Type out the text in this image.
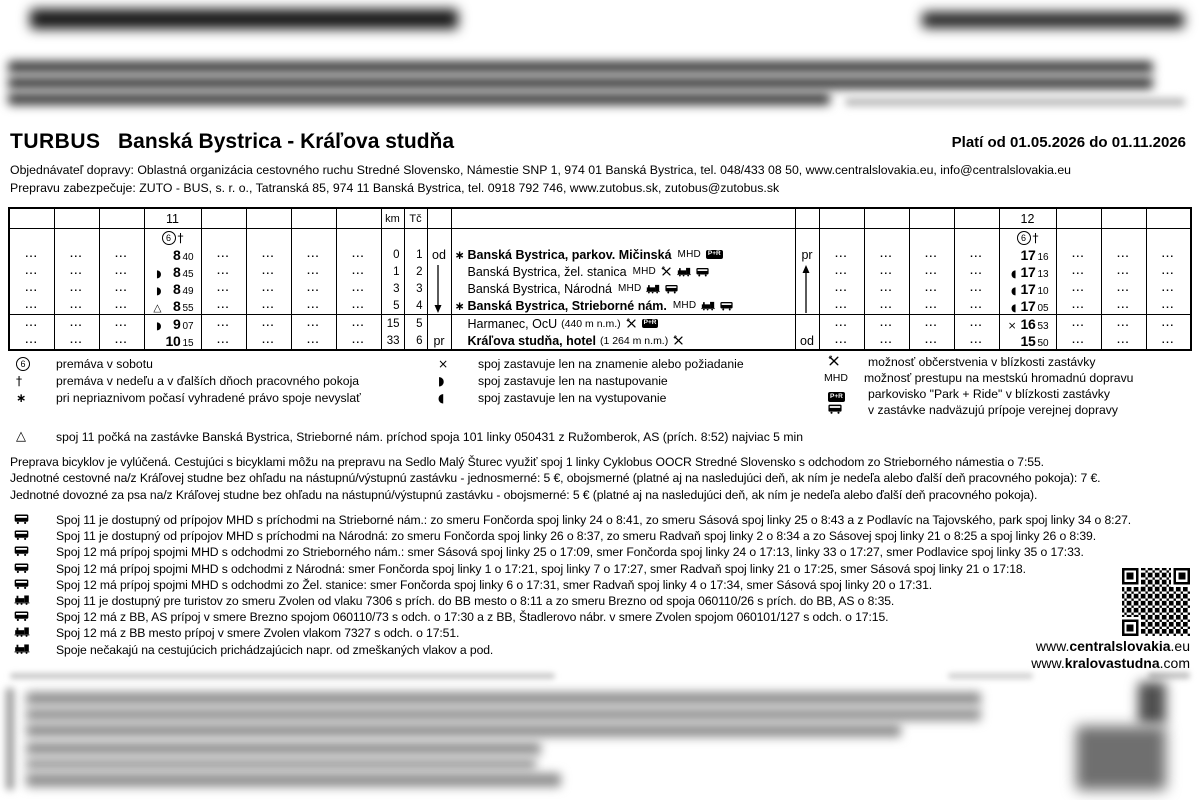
TURBUS Banská Bystrica - Kráľova studňa	Platí od 01.05.2026 do 01.11.2026
Objednávateľ dopravy: Oblastná organizácia cestovného ruchu Stredné Slovensko, Námestie SNP 1, 974 01 Banská Bystrica, tel. 048/433 08 50, www.centralslovakia.eu, info@centralslovakia.eu
Prepravu zabezpečuje: ZUTO - BUS, s. r. o., Tatranská 85, 974 11 Banská Bystrica, tel. 0918 792 746, www.zutobus.sk, zutobus@zutobus.sk
			11					km	Tč								12			

			6 †														6 †			

...	...	...	8 40	...	...	...	...	0	1	od	∗ Banská Bystrica, parkov. Mičinská MHD P+R	pr	...	...	...	...	17 16	...	...	...
...	...	...	◗ 8 45	...	...	...	...	1	2		Banská Bystrica, žel. stanica MHD		...	...	...	...	◖ 17 13	...	...	...
...	...	...	◗ 8 49	...	...	...	...	3	3		Banská Bystrica, Národná MHD		...	...	...	...	◖ 17 10	...	...	...
...	...	...	△ 8 55	...	...	...	...	5	4		∗ Banská Bystrica, Strieborné nám. MHD		...	...	...	...	◖ 17 05	...	...	...
...	...	...	◗ 9 07	...	...	...	...	15	5		Harmanec, OcU (440 m n.m.) P+R		...	...	...	...	× 16 53	...	...	...
...	...	...	10 15	...	...	...	...	33	6	pr	Kráľova studňa, hotel (1 264 m n.m.)	od	...	...	...	...	15 50	...	...	...
6	premáva v sobotu
†	premáva v nedeľu a v ďalších dňoch pracovného pokoja
∗	pri nepriaznivom počasí vyhradené právo spoje nevyslať
×	spoj zastavuje len na znamenie alebo požiadanie
◗	spoj zastavuje len na nastupovanie
◖	spoj zastavuje len na vystupovanie
možnosť občerstvenia v blízkosti zastávky
MHD	možnosť prestupu na mestskú hromadnú dopravu
P+R	parkovisko "Park + Ride" v blízkosti zastávky
v zastávke nadväzujú prípoje verejnej dopravy
△	spoj 11 počká na zastávke Banská Bystrica, Strieborné nám. príchod spoja 101 linky 050431 z Ružomberok, AS (prích. 8:52) najviac 5 min
Preprava bicyklov je vylúčená. Cestujúci s bicyklami môžu na prepravu na Sedlo Malý Šturec využiť spoj 1 linky Cyklobus OOCR Stredné Slovensko s odchodom zo Strieborného námestia o 7:55.
Jednotné cestovné na/z Kráľovej studne bez ohľadu na nástupnú/výstupnú zastávku - jednosmerné: 5 €, obojsmerné (platné aj na nasledujúci deň, ak ním je nedeľa alebo ďalší deň pracovného pokoja): 7 €.
Jednotné dovozné za psa na/z Kráľovej studne bez ohľadu na nástupnú/výstupnú zastávku - obojsmerné: 5 € (platné aj na nasledujúci deň, ak ním je nedeľa alebo ďalší deň pracovného pokoja).
Spoj 11 je dostupný od prípojov MHD s príchodmi na Strieborné nám.: zo smeru Fončorda spoj linky 24 o 8:41, zo smeru Sásová spoj linky 25 o 8:43 a z Podlavíc na Tajovského, park spoj linky 34 o 8:27.
Spoj 11 je dostupný od prípojov MHD s príchodmi na Národná: zo smeru Fončorda spoj linky 26 o 8:37, zo smeru Radvaň spoj linky 2 o 8:34 a zo Sásovej spoj linky 21 o 8:25 a spoj linky 26 o 8:39.
Spoj 12 má prípoj spojmi MHD s odchodmi zo Strieborného nám.: smer Sásová spoj linky 25 o 17:09, smer Fončorda spoj linky 24 o 17:13, linky 33 o 17:27, smer Podlavice spoj linky 35 o 17:33.
Spoj 12 má prípoj spojmi MHD s odchodmi z Národná: smer Fončorda spoj linky 1 o 17:21, spoj linky 7 o 17:27, smer Radvaň spoj linky 21 o 17:25, smer Sásová spoj linky 21 o 17:18.
Spoj 12 má prípoj spojmi MHD s odchodmi zo Žel. stanice: smer Fončorda spoj linky 6 o 17:31, smer Radvaň spoj linky 4 o 17:34, smer Sásová spoj linky 20 o 17:31.
Spoj 11 je dostupný pre turistov zo smeru Zvolen od vlaku 7306 s prích. do BB mesto o 8:11 a zo smeru Brezno od spoja 060110/26 s prích. do BB, AS o 8:35.
Spoj 12 má z BB, AS prípoj v smere Brezno spojom 060110/73 s odch. o 17:30 a z BB, Štadlerovo nábr. v smere Zvolen spojom 060101/127 s odch. o 17:15.
Spoj 12 má z BB mesto prípoj v smere Zvolen vlakom 7327 s odch. o 17:51.
Spoje nečakajú na cestujúcich prichádzajúcich napr. od zmeškaných vlakov a pod.	www.centralslovakia.eu
www.kralovastudna.com
